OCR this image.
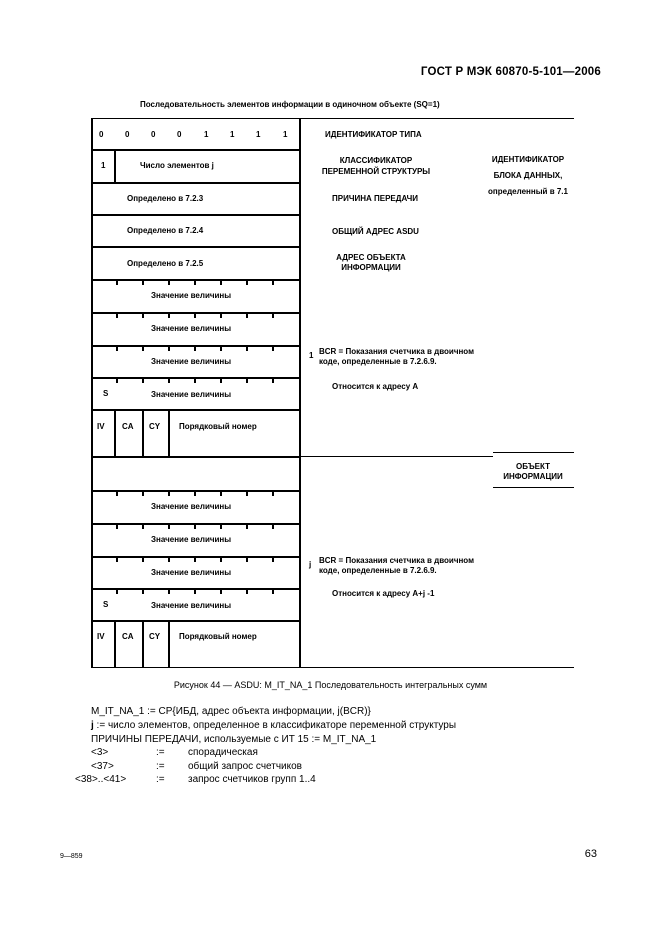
ГОСТ Р МЭК 60870-5-101—2006
Последовательность элементов информации в одиночном объекте (SQ=1)
0	0	0	0	1	1	1	1	ИДЕНТИФИКАТОР ТИПА
1	Число элементов j
КЛАССИФИКАТОР ПЕРЕМЕННОЙ СТРУКТУРЫ
ИДЕНТИФИКАТОР БЛОКА ДАННЫХ, определенный в 7.1
Определено в 7.2.3	ПРИЧИНА ПЕРЕДАЧИ
Определено в 7.2.4	ОБЩИЙ АДРЕС ASDU
Определено в 7.2.5
АДРЕС ОБЪЕКТА ИНФОРМАЦИИ
Значение величины
Значение величины
Значение величины
S	Значение величины
IV CA CY Порядковый номер
1 BCR = Показания счетчика в двоичном коде, определенные в 7.2.6.9.
Относится к адресу A
ОБЪЕКТ ИНФОРМАЦИИ
Значение величины
Значение величины
Значение величины
S	Значение величины
IV CA CY Порядковый номер
j BCR = Показания счетчика в двоичном коде, определенные в 7.2.6.9.
Относится к адресу A+j -1
Рисунок 44 — ASDU: M_IT_NA_1 Последовательность интегральных сумм
M_IT_NA_1 := CP{ИБД, адрес объекта информации, j(BCR)}
j := число элементов, определенное в классификаторе переменной структуры
ПРИЧИНЫ ПЕРЕДАЧИ, используемые с ИТ 15 := M_IT_NA_1
<3>	:= спорадическая
<37>	:= общий запрос счетчиков
<38>..<41>	:= запрос счетчиков групп 1..4
9—859	63
